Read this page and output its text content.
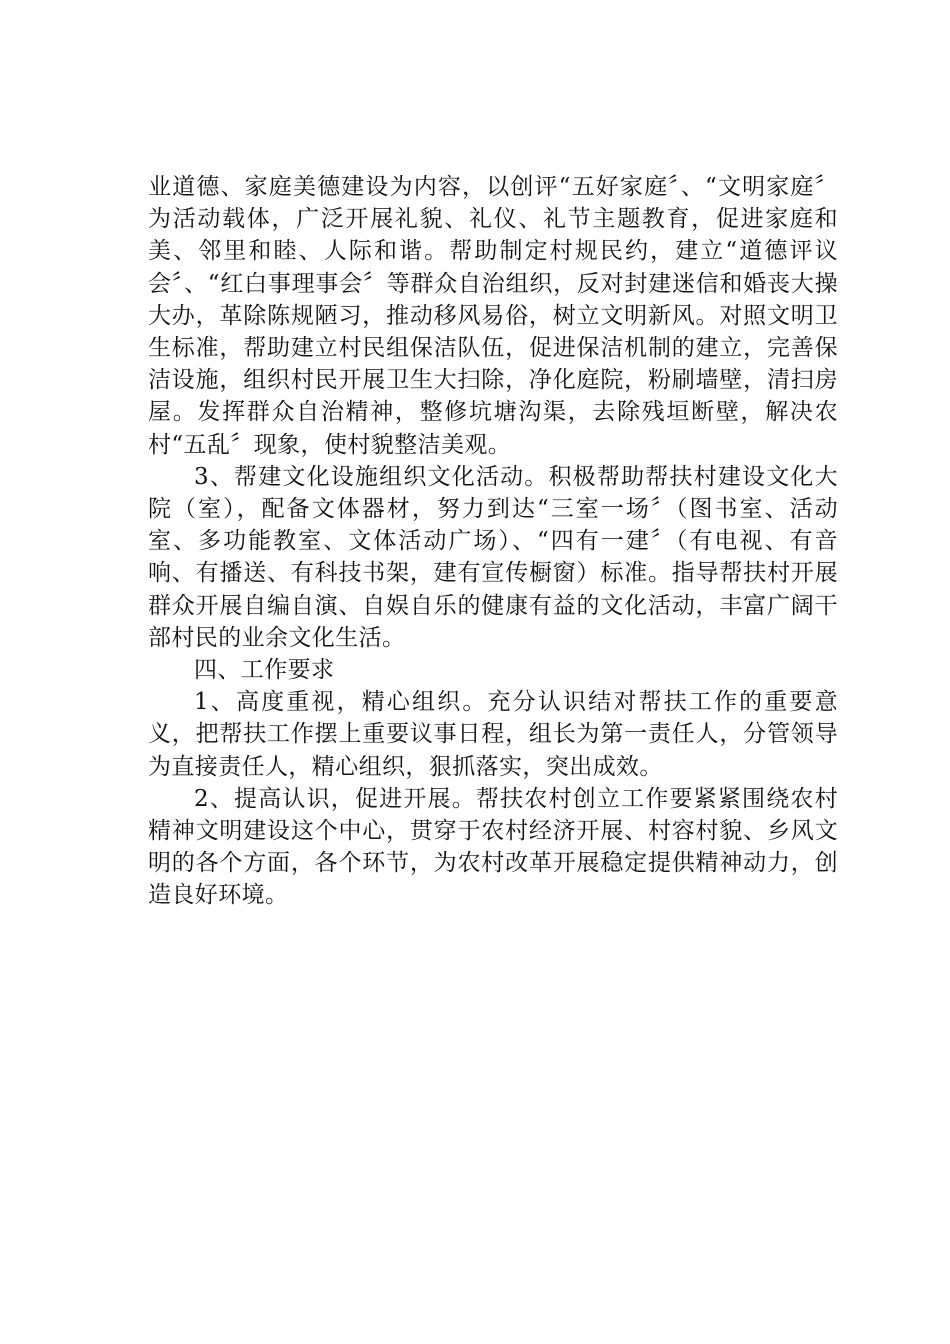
业道德、家庭美德建设为内容，以创评“五好家庭〞、“文明家庭〞为活动载体，广泛开展礼貌、礼仪、礼节主题教育，促进家庭和美、邻里和睦、人际和谐。帮助制定村规民约，建立“道德评议会〞、“红白事理事会〞等群众自治组织，反对封建迷信和婚丧大操大办，革除陈规陋习，推动移风易俗，树立文明新风。对照文明卫生标准，帮助建立村民组保洁队伍，促进保洁机制的建立，完善保洁设施，组织村民开展卫生大扫除，净化庭院，粉刷墙壁，清扫房屋。发挥群众自治精神，整修坑塘沟渠，去除残垣断壁，解决农村“五乱〞现象，使村貌整洁美观。

3、帮建文化设施组织文化活动。积极帮助帮扶村建设文化大院（室），配备文体器材，努力到达“三室一场〞（图书室、活动室、多功能教室、文体活动广场）、“四有一建〞（有电视、有音响、有播送、有科技书架，建有宣传橱窗）标准。指导帮扶村开展群众开展自编自演、自娱自乐的健康有益的文化活动，丰富广阔干部村民的业余文化生活。

四、工作要求

1、高度重视，精心组织。充分认识结对帮扶工作的重要意义，把帮扶工作摆上重要议事日程，组长为第一责任人，分管领导为直接责任人，精心组织，狠抓落实，突出成效。

2、提高认识，促进开展。帮扶农村创立工作要紧紧围绕农村精神文明建设这个中心，贯穿于农村经济开展、村容村貌、乡风文明的各个方面，各个环节，为农村改革开展稳定提供精神动力，创造良好环境。
